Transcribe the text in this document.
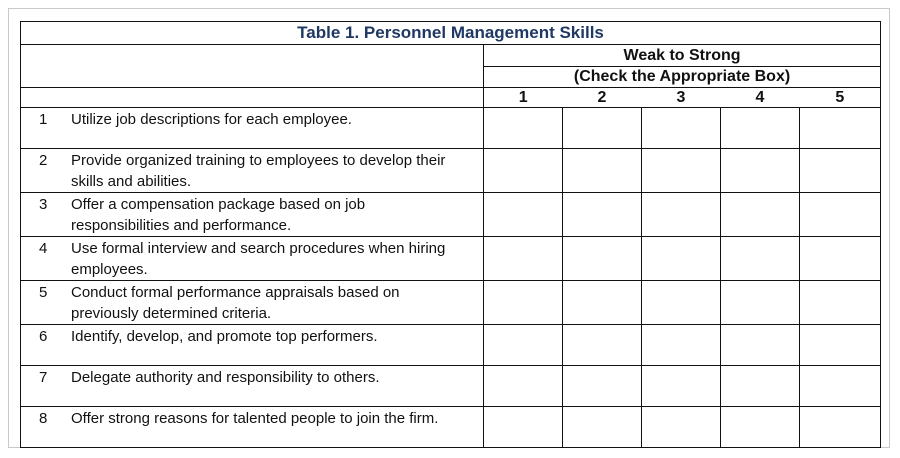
Table 1. Personnel Management Skills					
	Weak to Strong				
	(Check the Appropriate Box)				
	1	2	3	4	5

1 Utilize job descriptions for each employee.					

2 Provide organized training to employees to develop their skills and abilities.					

3 Offer a compensation package based on job responsibilities and performance.					

4 Use formal interview and search procedures when hiring employees.					

5 Conduct formal performance appraisals based on previously determined criteria.					

6 Identify, develop, and promote top performers.					

7 Delegate authority and responsibility to others.					

8 Offer strong reasons for talented people to join the firm.					
